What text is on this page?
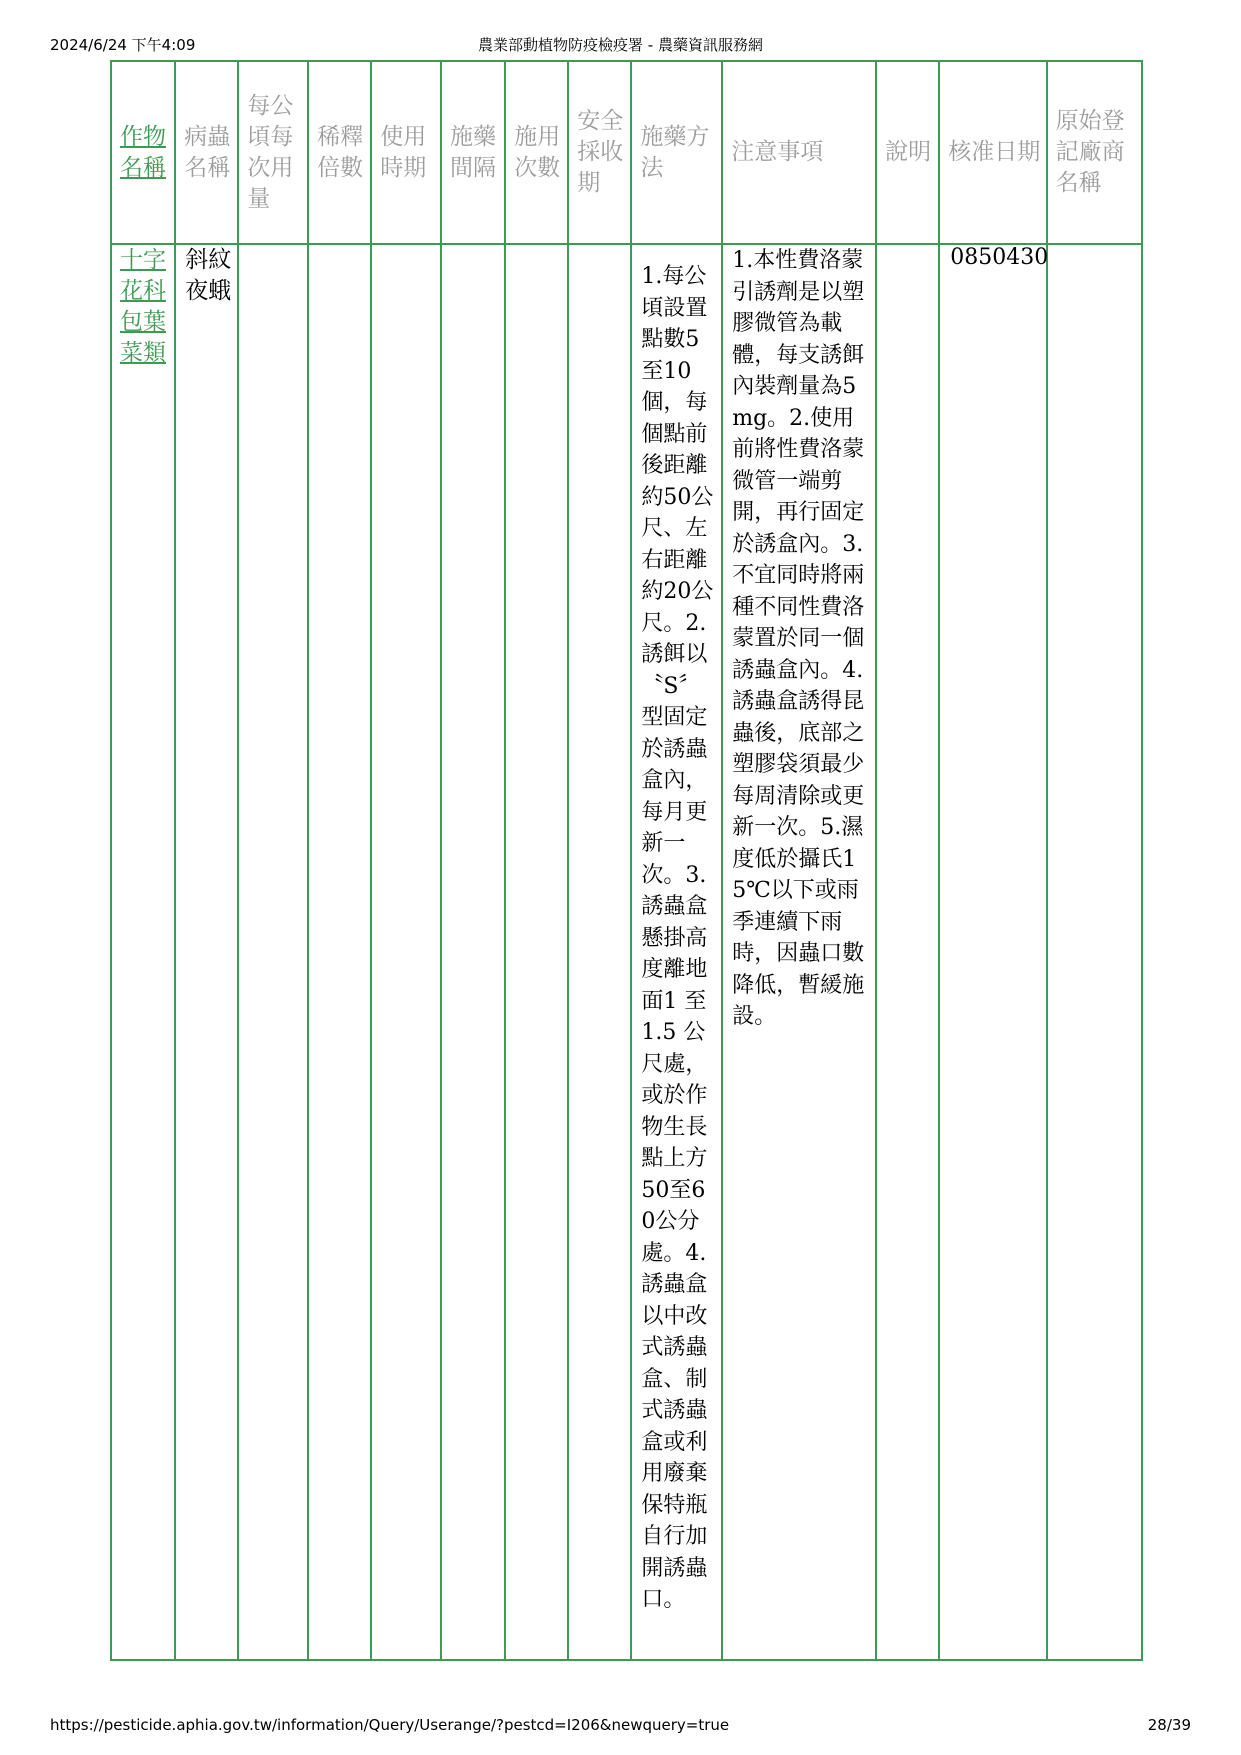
2024/6/24 下午4:09	農業部動植物防疫檢疫署 - 農藥資訊服務網
作物名稱	病蟲名稱	每公頃每次用量	稀釋倍數	使用時期	施藥間隔	施用次數	安全採收期	施藥方法	注意事項	說明	核准日期	原始登記廠商名稱

十字花科包葉菜類	斜紋夜蛾							1.每公頃設置點數5至10個，每個點前後距離約50公尺、左右距離約20公尺。2.誘餌以〝S〞型固定於誘蟲盒內，每月更新一次。3.誘蟲盒懸掛高度離地面1 至1.5 公尺處，或於作物生長點上方50至60公分處。4.誘蟲盒以中改式誘蟲盒、制式誘蟲盒或利用廢棄保特瓶自行加開誘蟲口。	1.本性費洛蒙引誘劑是以塑膠微管為載體，每支誘餌內裝劑量為5mg。2.使用前將性費洛蒙微管一端剪開，再行固定於誘盒內。3.不宜同時將兩種不同性費洛蒙置於同一個誘蟲盒內。4.誘蟲盒誘得昆蟲後，底部之塑膠袋須最少每周清除或更新一次。5.濕度低於攝氏15℃以下或雨季連續下雨時，因蟲口數降低，暫緩施設。		0850430	

https://pesticide.aphia.gov.tw/information/Query/Userange/?pestcd=I206&newquery=true	28/39
